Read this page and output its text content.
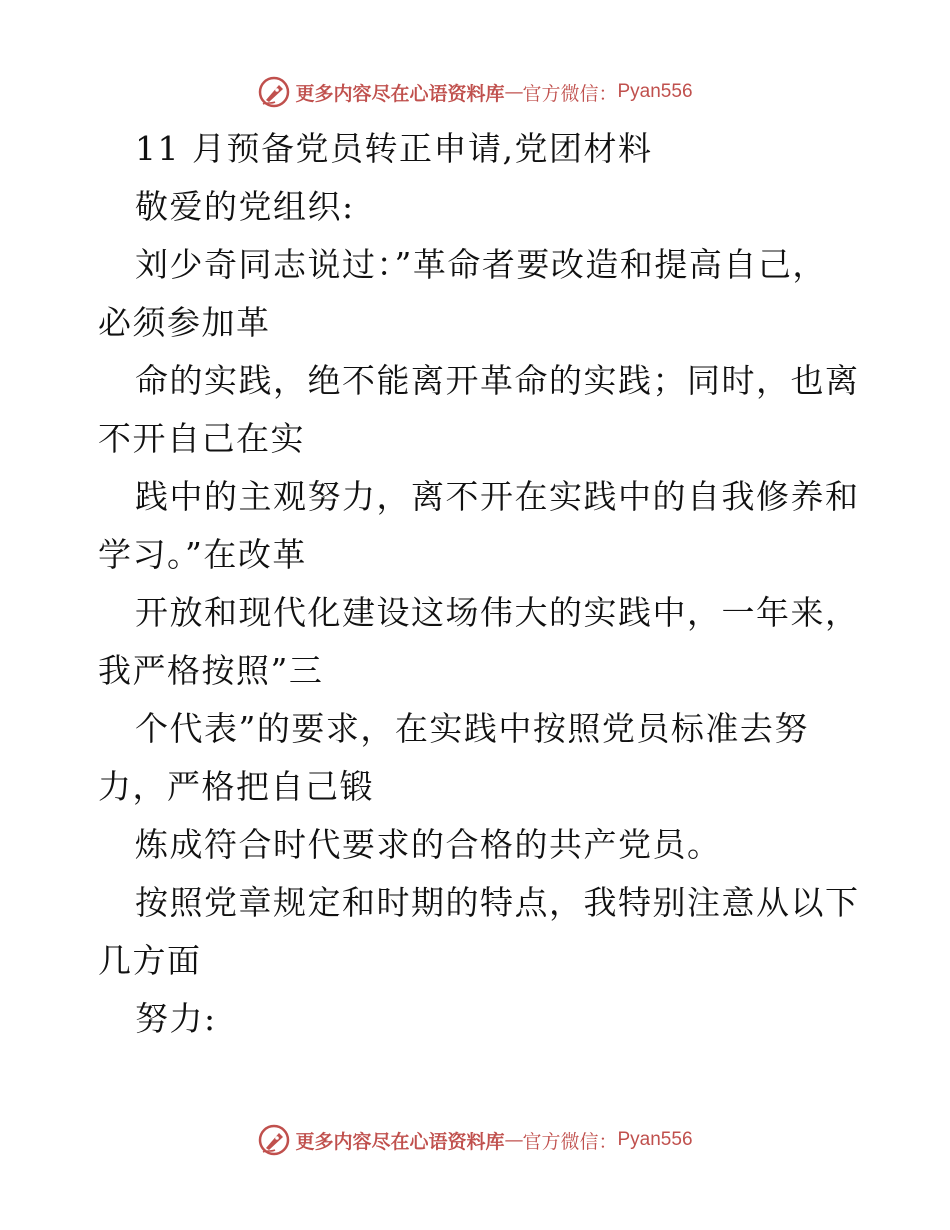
更多内容尽在心语资料库 — 官方微信： Pyan556
11 月预备党员转正申请,党团材料
敬爱的党组织:
刘少奇同志说过：”革命者要改造和提高自己，
必须参加革
命的实践，绝不能离开革命的实践；同时，也离
不开自己在实
践中的主观努力，离不开在实践中的自我修养和
学习。”在改革
开放和现代化建设这场伟大的实践中，一年来，
我严格按照”三
个代表”的要求，在实践中按照党员标准去努
力，严格把自己锻
炼成符合时代要求的合格的共产党员。
按照党章规定和时期的特点，我特别注意从以下
几方面
努力:
更多内容尽在心语资料库 — 官方微信： Pyan556
